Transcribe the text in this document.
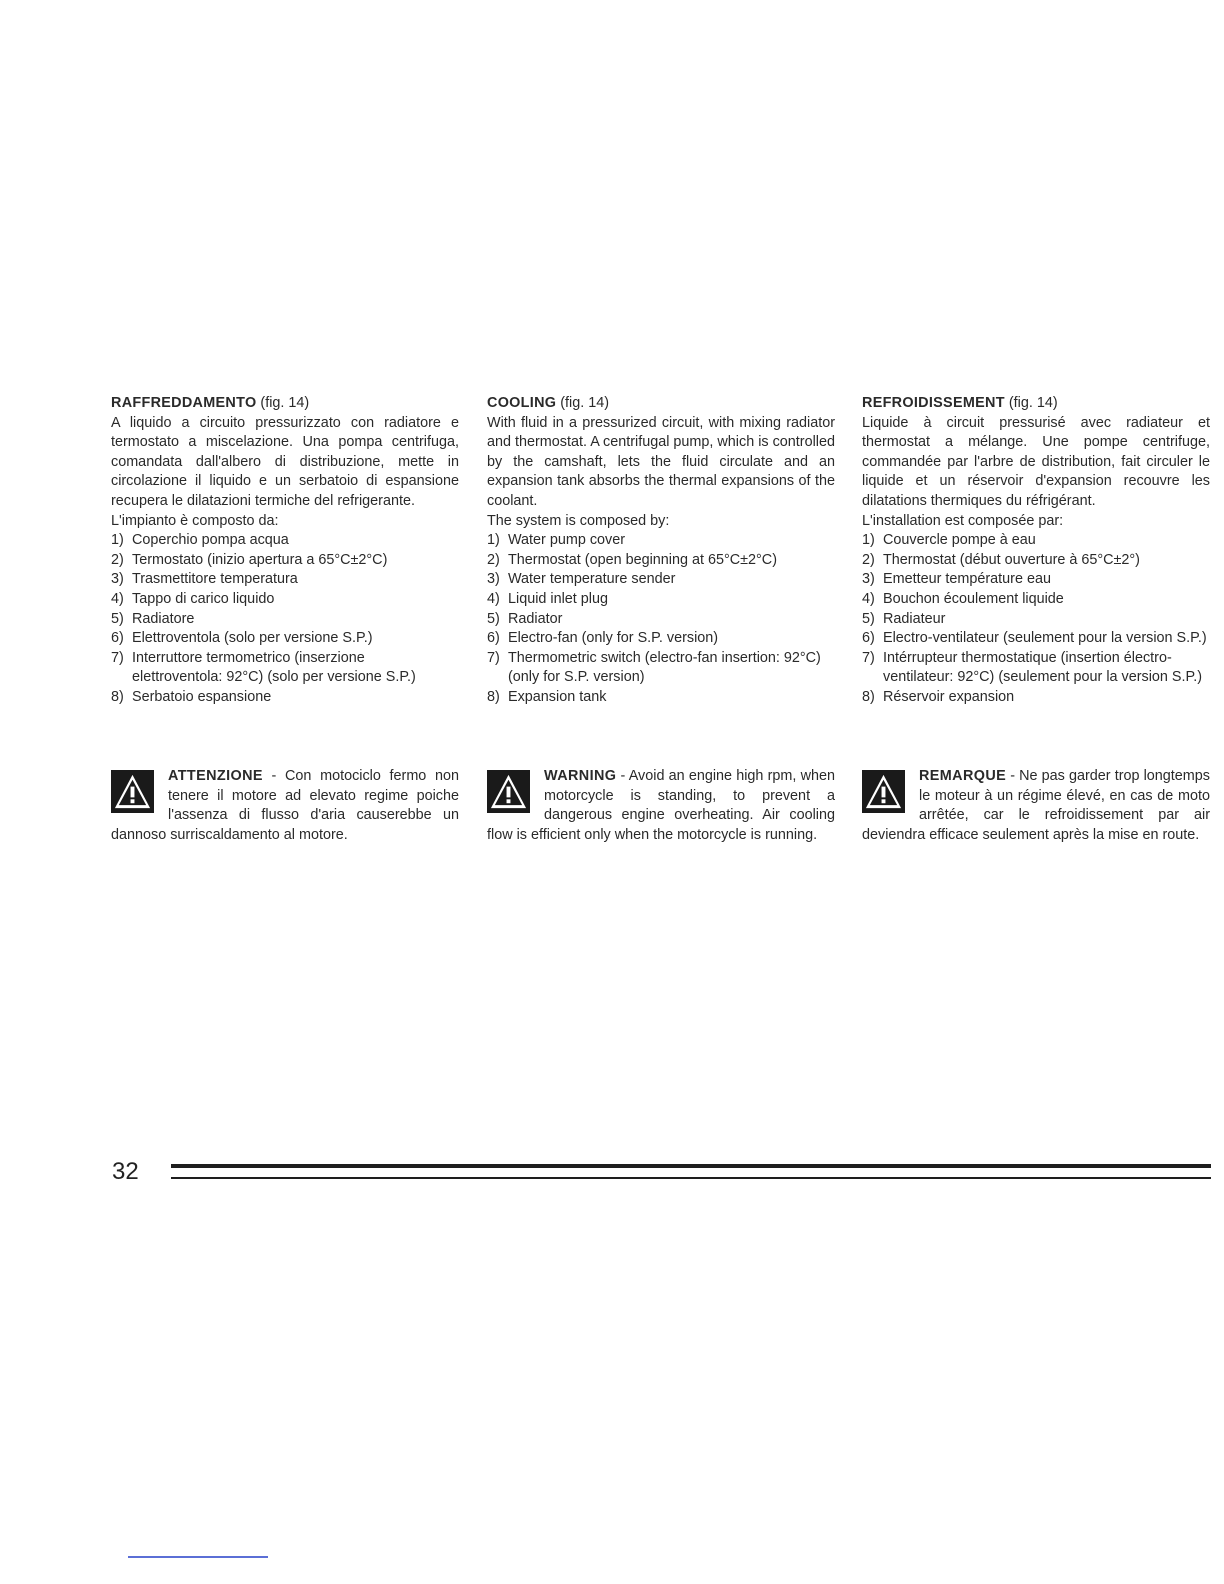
RAFFREDDAMENTO (fig. 14)

A liquido a circuito pressurizzato con radiatore e termostato a miscelazione. Una pompa centrifuga, comandata dall'albero di distribuzione, mette in circolazione il liquido e un serbatoio di espansione recupera le dilatazioni termiche del refrigerante.

L'impianto è composto da:

1) Coperchio pompa acqua
2) Termostato (inizio apertura a 65°C±2°C)
3) Trasmettitore temperatura
4) Tappo di carico liquido
5) Radiatore
6) Elettroventola (solo per versione S.P.)
7) Interruttore termometrico (inserzione elettroventola: 92°C) (solo per versione S.P.)
8) Serbatoio espansione

COOLING (fig. 14)

With fluid in a pressurized circuit, with mixing radiator and thermostat. A centrifugal pump, which is controlled by the camshaft, lets the fluid circulate and an expansion tank absorbs the thermal expansions of the coolant.

The system is composed by:

1) Water pump cover
2) Thermostat (open beginning at 65°C±2°C)
3) Water temperature sender
4) Liquid inlet plug
5) Radiator
6) Electro-fan (only for S.P. version)
7) Thermometric switch (electro-fan insertion: 92°C) (only for S.P. version)
8) Expansion tank

REFROIDISSEMENT (fig. 14)

Liquide à circuit pressurisé avec radiateur et thermostat a mélange. Une pompe centrifuge, commandée par l'arbre de distribution, fait circuler le liquide et un réservoir d'expansion recouvre les dilatations thermiques du réfrigérant.

L'installation est composée par:

1) Couvercle pompe à eau
2) Thermostat (début ouverture à 65°C±2°)
3) Emetteur température eau
4) Bouchon écoulement liquide
5) Radiateur
6) Electro-ventilateur (seulement pour la version S.P.)
7) Intérrupteur thermostatique (insertion électro-ventilateur: 92°C) (seulement pour la version S.P.)
8) Réservoir expansion
ATTENZIONE - Con motociclo fermo non tenere il motore ad elevato regime poiche l'assenza di flusso d'aria causerebbe un dannoso surriscaldamento al motore.
WARNING - Avoid an engine high rpm, when motorcycle is standing, to prevent a dangerous engine overheating. Air cooling flow is efficient only when the motorcycle is running.
REMARQUE - Ne pas garder trop longtemps le moteur à un régime élevé, en cas de moto arrêtée, car le refroidissement par air deviendra efficace seulement après la mise en route.
32
